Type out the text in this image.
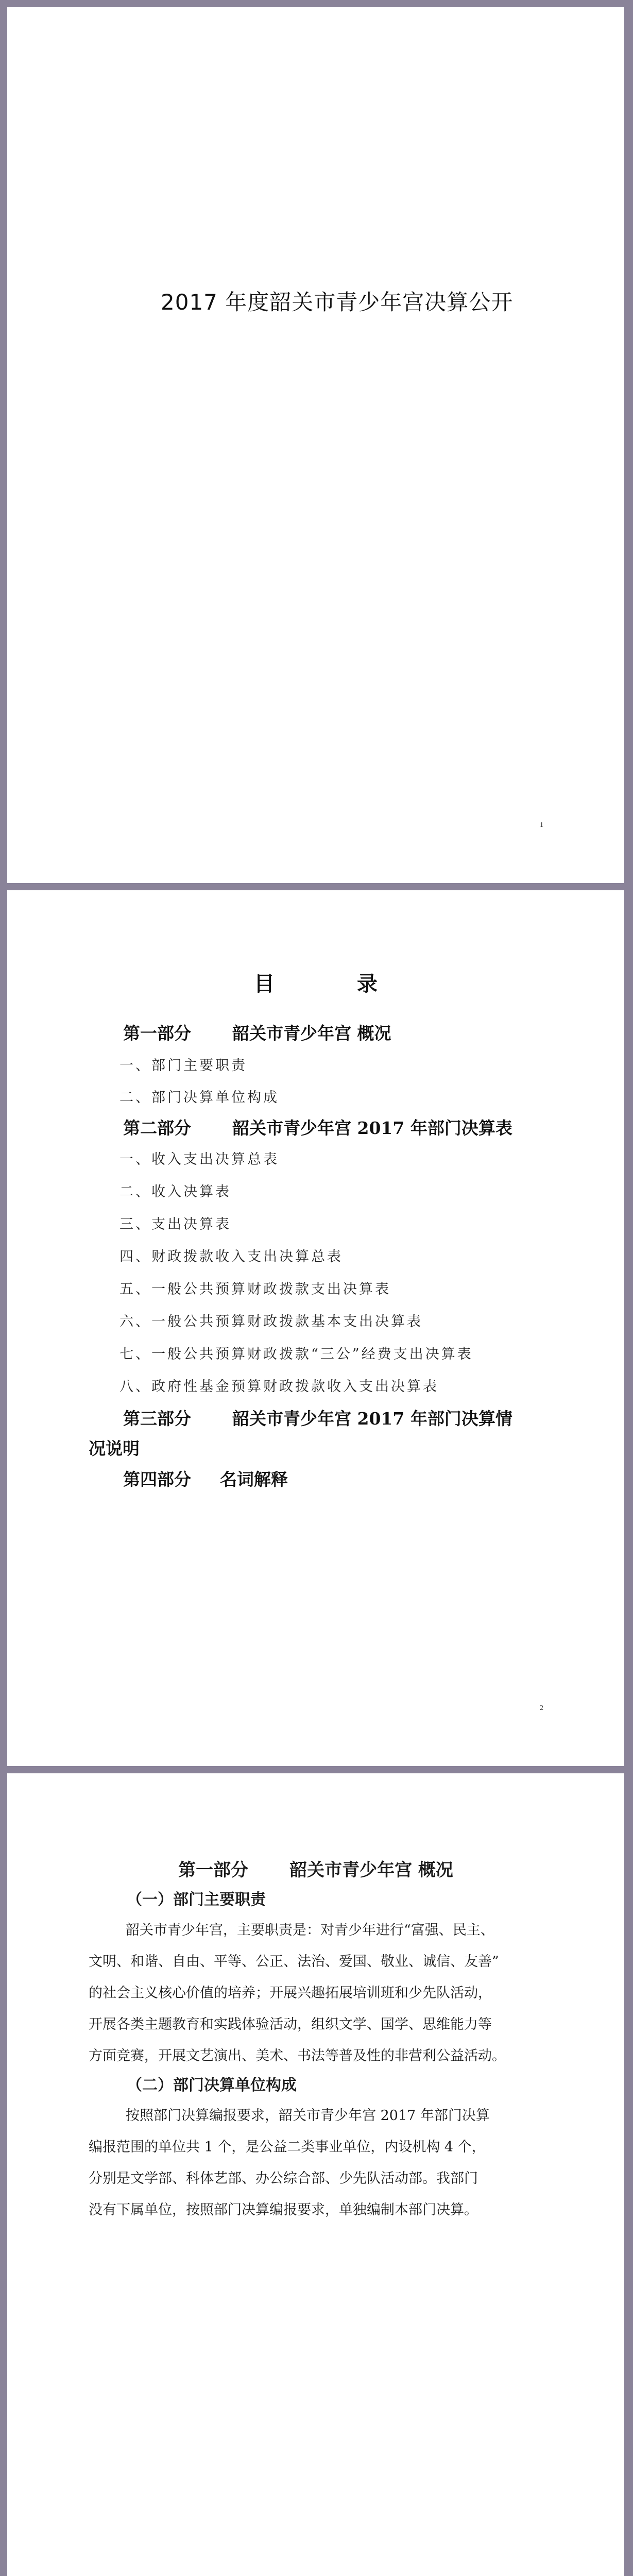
2017 年度韶关市青少年宫决算公开
1
目录
第一部分 韶关市青少年宫 概况
一、部门主要职责
二、部门决算单位构成
第二部分 韶关市青少年宫 2017 年部门决算表
一、收入支出决算总表
二、收入决算表
三、支出决算表
四、财政拨款收入支出决算总表
五、一般公共预算财政拨款支出决算表
六、一般公共预算财政拨款基本支出决算表
七、一般公共预算财政拨款“三公”经费支出决算表
八、政府性基金预算财政拨款收入支出决算表
第三部分 韶关市青少年宫 2017 年部门决算情
况说明
第四部分 名词解释
2
第一部分 韶关市青少年宫 概况
（一）部门主要职责
韶关市青少年宫，主要职责是：对青少年进行“富强、民主、
文明、和谐、自由、平等、公正、法治、爱国、敬业、诚信、友善”
的社会主义核心价值的培养；开展兴趣拓展培训班和少先队活动，
开展各类主题教育和实践体验活动，组织文学、国学、思维能力等
方面竞赛，开展文艺演出、美术、书法等普及性的非营利公益活动。
（二）部门决算单位构成
按照部门决算编报要求，韶关市青少年宫 2017 年部门决算
编报范围的单位共 1 个，是公益二类事业单位，内设机构 4 个，
分别是文学部、科体艺部、办公综合部、少先队活动部。我部门
没有下属单位，按照部门决算编报要求，单独编制本部门决算。
